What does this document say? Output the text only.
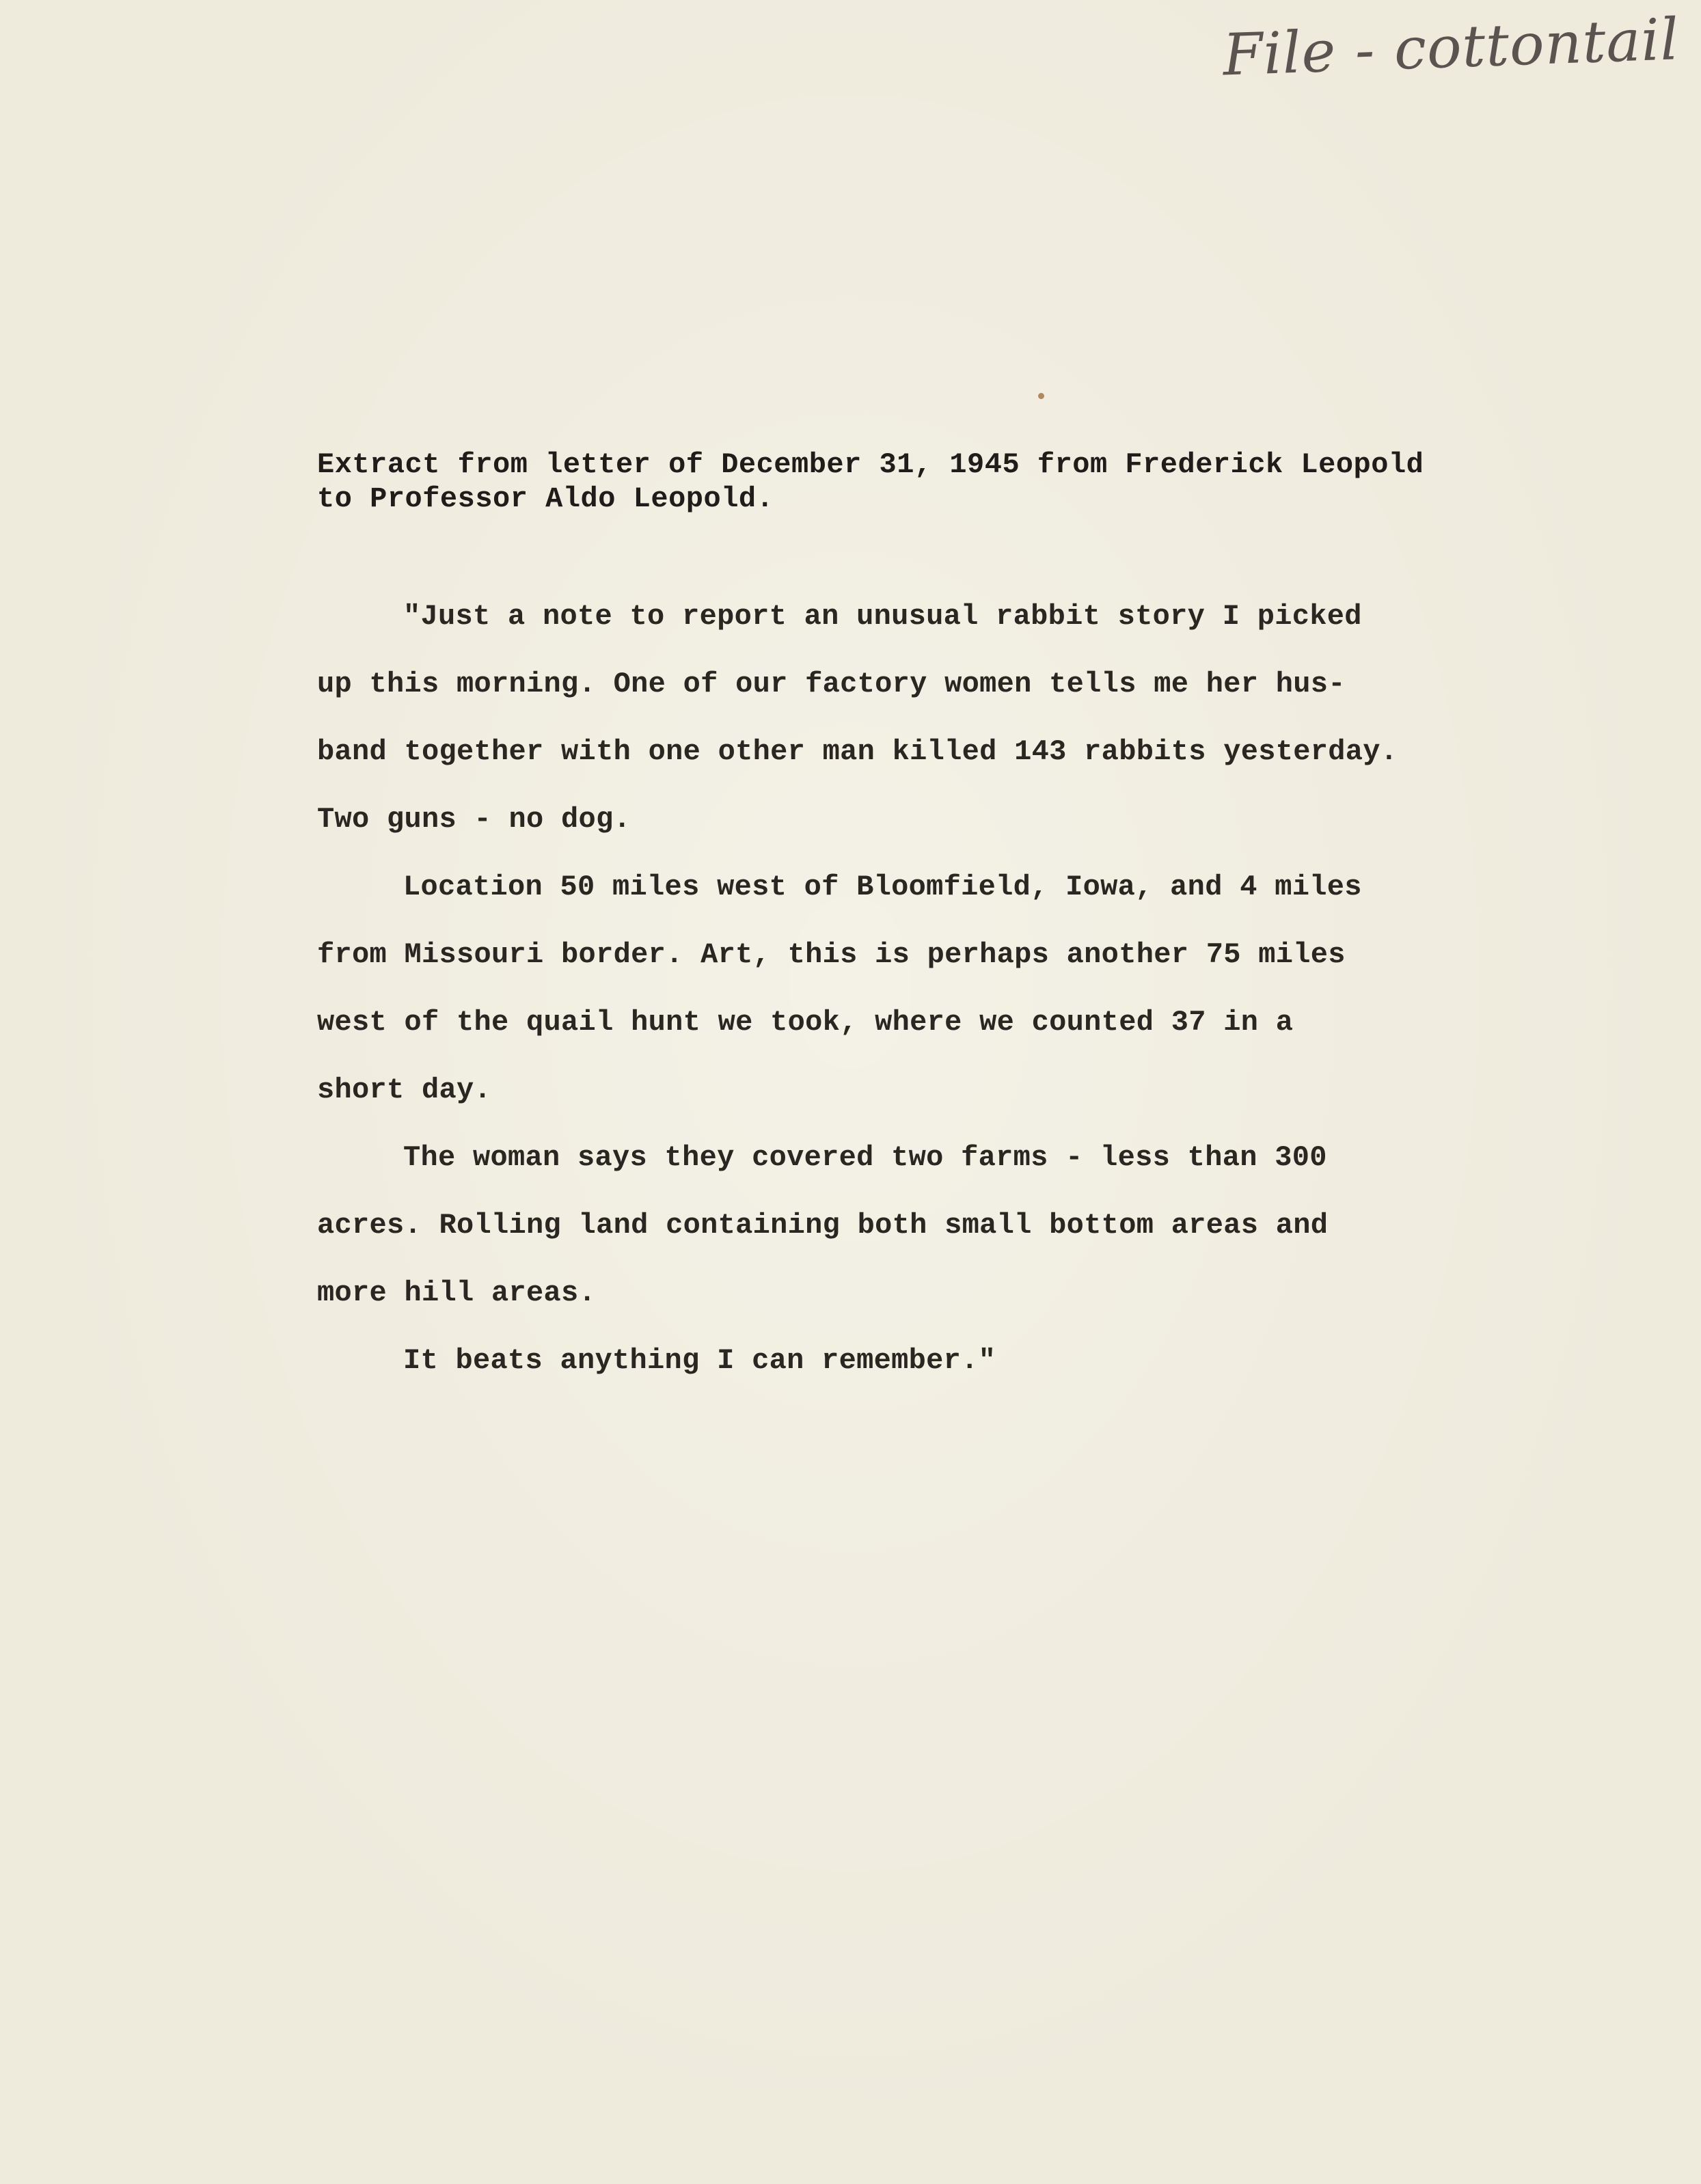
File - cottontail
Extract from letter of December 31, 1945 from Frederick Leopold
to Professor Aldo Leopold.
"Just a note to report an unusual rabbit story I picked
up this morning. One of our factory women tells me her hus-
band together with one other man killed 143 rabbits yesterday.
Two guns - no dog.
Location 50 miles west of Bloomfield, Iowa, and 4 miles
from Missouri border. Art, this is perhaps another 75 miles
west of the quail hunt we took, where we counted 37 in a
short day.
The woman says they covered two farms - less than 300
acres. Rolling land containing both small bottom areas and
more hill areas.
It beats anything I can remember."
